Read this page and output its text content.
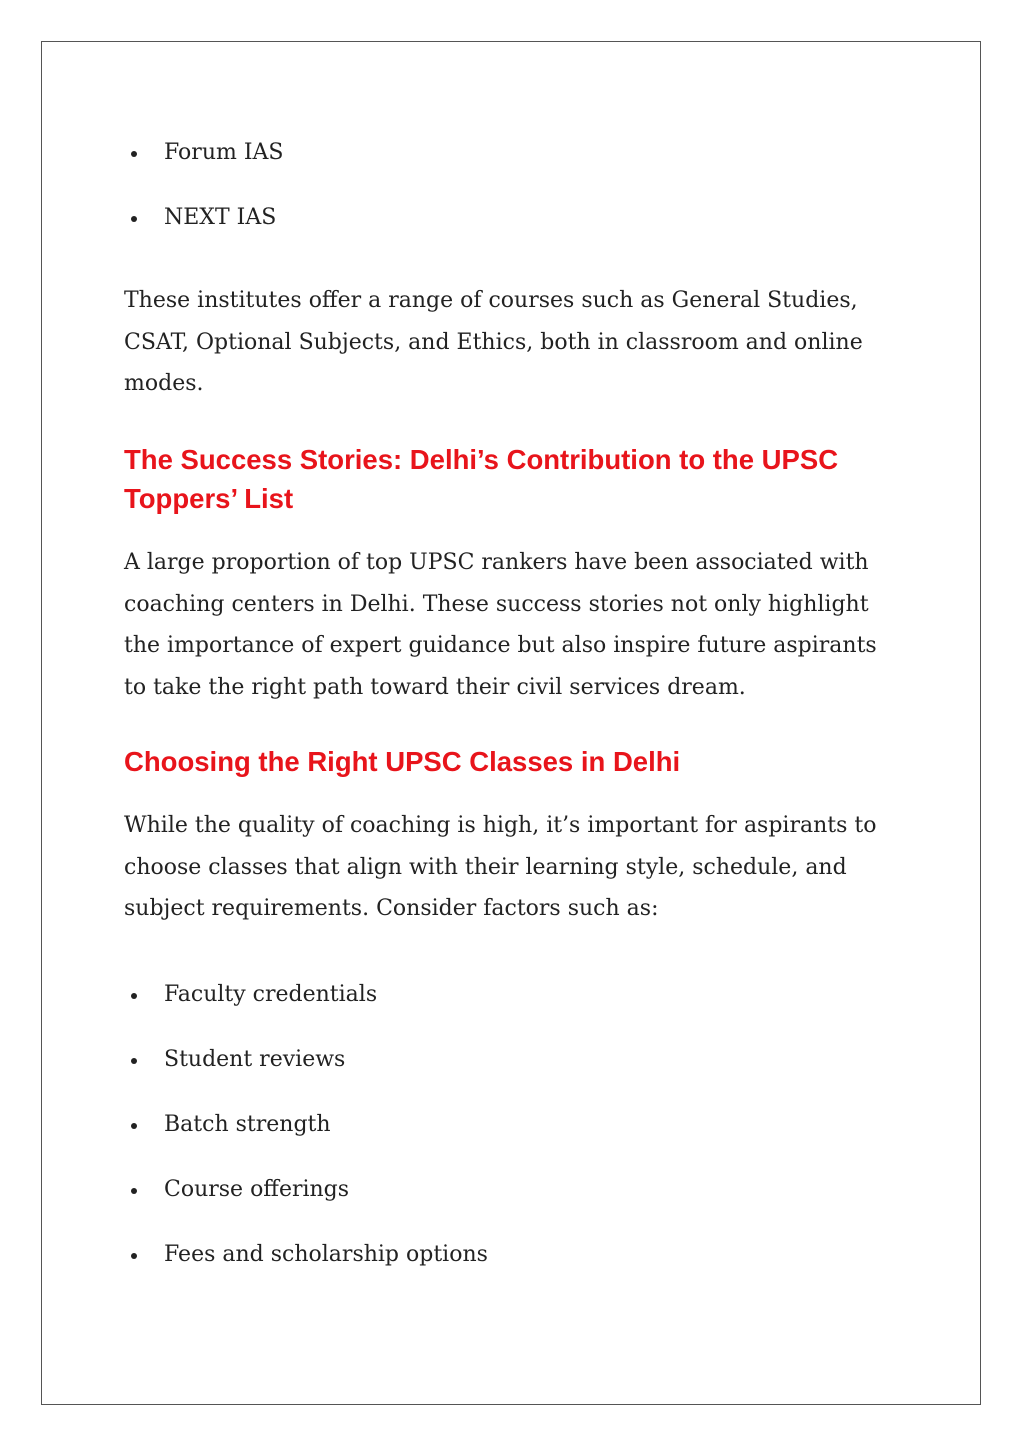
Forum IAS
NEXT IAS

These institutes offer a range of courses such as General Studies, CSAT, Optional Subjects, and Ethics, both in classroom and online modes.

The Success Stories: Delhi’s Contribution to the UPSC Toppers’ List

A large proportion of top UPSC rankers have been associated with coaching centers in Delhi. These success stories not only highlight the importance of expert guidance but also inspire future aspirants to take the right path toward their civil services dream.

Choosing the Right UPSC Classes in Delhi

While the quality of coaching is high, it’s important for aspirants to choose classes that align with their learning style, schedule, and subject requirements. Consider factors such as:

Faculty credentials
Student reviews
Batch strength
Course offerings
Fees and scholarship options
